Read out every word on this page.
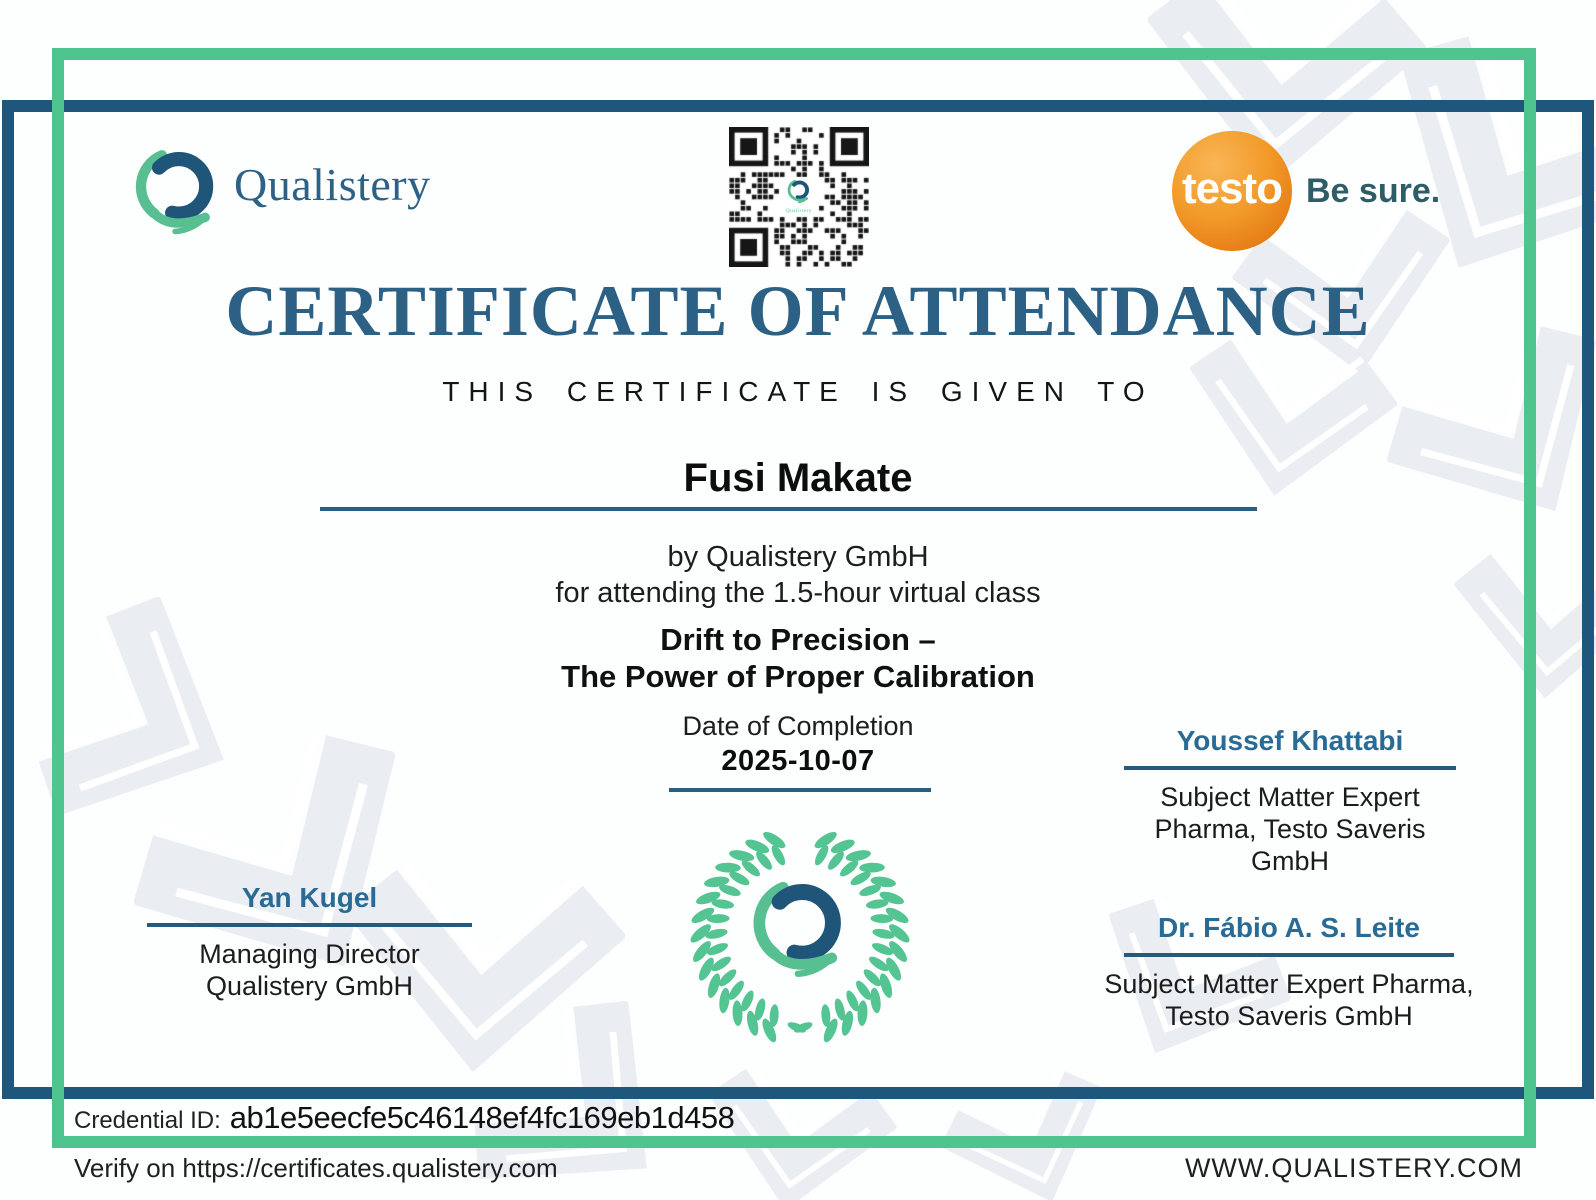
Qualistery
Qualistery	testo Be sure.
CERTIFICATE OF ATTENDANCE
THIS CERTIFICATE IS GIVEN TO
Fusi Makate
by Qualistery GmbH
for attending the 1.5-hour virtual class
Drift to Precision –
The Power of Proper Calibration
Date of Completion
2025-10-07
Yan Kugel
Managing Director
Qualistery GmbH
Youssef Khattabi
Subject Matter Expert
Pharma, Testo Saveris
GmbH
Dr. Fábio A. S. Leite
Subject Matter Expert Pharma,
Testo Saveris GmbH
Credential ID: ab1e5eecfe5c46148ef4fc169eb1d458
Verify on https://certificates.qualistery.com	WWW.QUALISTERY.COM
